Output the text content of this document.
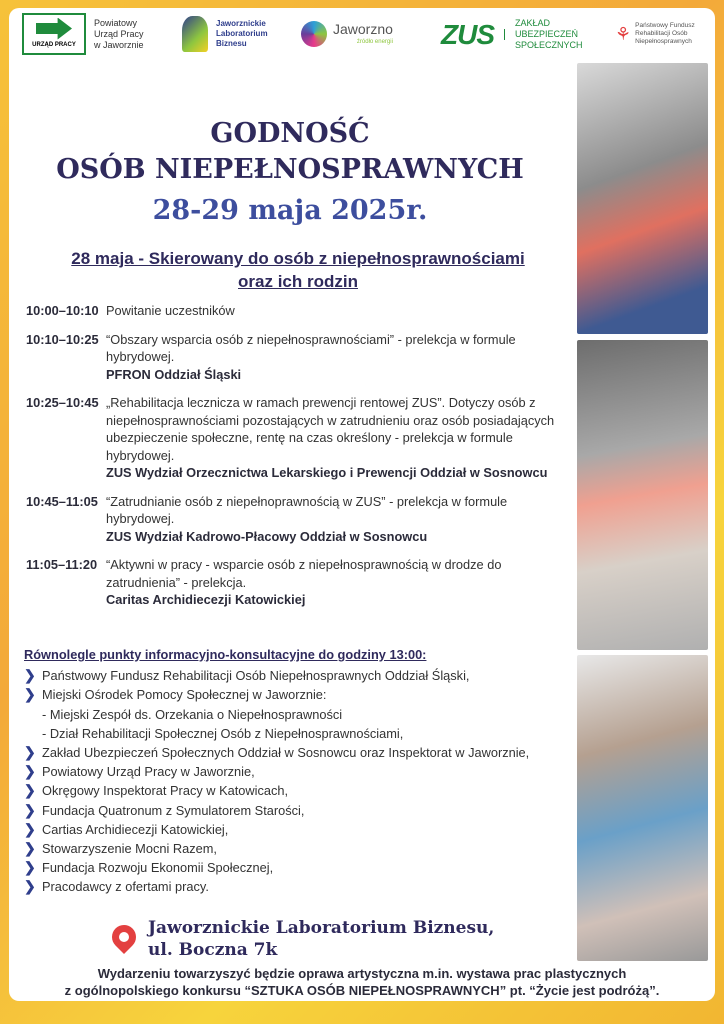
URZĄD PRACY
Powiatowy
Urząd Pracy
w Jaworznie
Jaworznickie
Laboratorium
Biznesu
Jaworzno
źródło energii ZUS	ZAKŁAD
UBEZPIECZEŃ
SPOŁECZNYCH
⚘ Państwowy Fundusz
Rehabilitacji Osób
Niepełnosprawnych
GODNOŚĆ
OSÓB NIEPEŁNOSPRAWNYCH
28-29 maja 2025r.
28 maja - Skierowany do osób z niepełnosprawnościami
oraz ich rodzin
10:00–10:10 Powitanie uczestników
10:10–10:25 “Obszary wsparcia osób z niepełnosprawnościami” - prelekcja w formule hybrydowej.
PFRON Oddział Śląski
10:25–10:45 „Rehabilitacja lecznicza w ramach prewencji rentowej ZUS”. Dotyczy osób z niepełnosprawnościami pozostających w zatrudnieniu oraz osób posiadających ubezpieczenie społeczne, rentę na czas określony - prelekcja w formule hybrydowej.
ZUS Wydział Orzecznictwa Lekarskiego i Prewencji Oddział w Sosnowcu
10:45–11:05 “Zatrudnianie osób z niepełnoprawnością w ZUS” - prelekcja w formule hybrydowej.
ZUS Wydział Kadrowo-Płacowy Oddział w Sosnowcu
11:05–11:20 “Aktywni w pracy - wsparcie osób z niepełnosprawnością w drodze do zatrudnienia” - prelekcja.
Caritas Archidiecezji Katowickiej
Równolegle punkty informacyjno-konsultacyjne do godziny 13:00:
❯ Państwowy Fundusz Rehabilitacji Osób Niepełnosprawnych Oddział Śląski,
❯ Miejski Ośrodek Pomocy Społecznej w Jaworznie:
- Miejski Zespół ds. Orzekania o Niepełnosprawności
- Dział Rehabilitacji Społecznej Osób z Niepełnosprawnościami,
❯ Zakład Ubezpieczeń Społecznych Oddział w Sosnowcu oraz Inspektorat w Jaworznie,
❯ Powiatowy Urząd Pracy w Jaworznie,
❯ Okręgowy Inspektorat Pracy w Katowicach,
❯ Fundacja Quatronum z Symulatorem Starości,
❯ Cartias Archidiecezji Katowickiej,
❯ Stowarzyszenie Mocni Razem,
❯ Fundacja Rozwoju Ekonomii Społecznej,
❯ Pracodawcy z ofertami pracy.
Jaworznickie Laboratorium Biznesu,
ul. Boczna 7k
Wydarzeniu towarzyszyć będzie oprawa artystyczna m.in. wystawa prac plastycznych
z ogólnopolskiego konkursu “SZTUKA OSÓB NIEPEŁNOSPRAWNYCH” pt. “Życie jest podróżą”.
